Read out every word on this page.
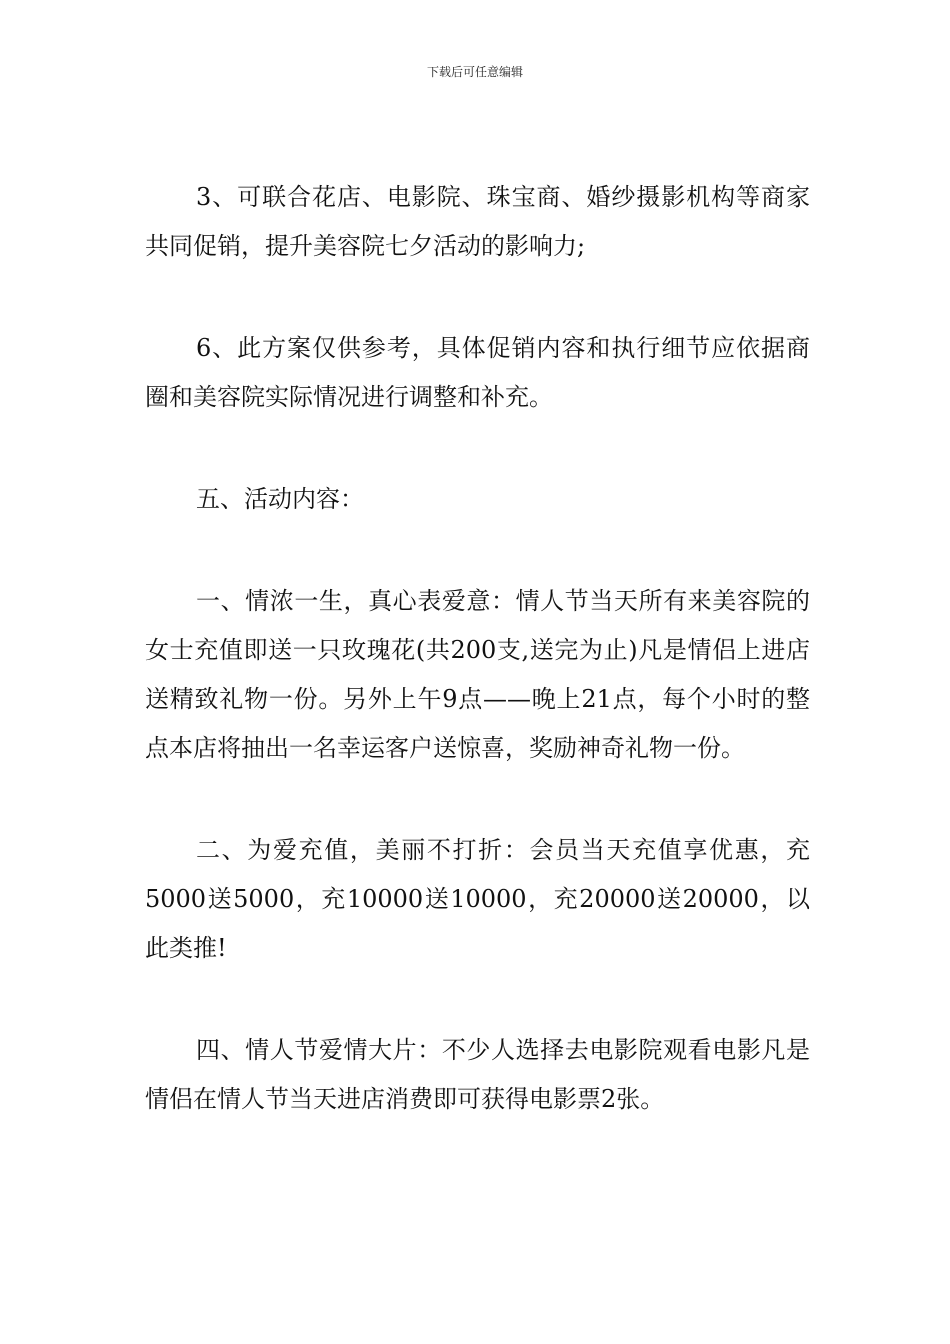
下载后可任意编辑

3、可联合花店、电影院、珠宝商、婚纱摄影机构等商家共同促销，提升美容院七夕活动的影响力;

6、此方案仅供参考，具体促销内容和执行细节应依据商圈和美容院实际情况进行调整和补充。

五、活动内容：

一、情浓一生，真心表爱意：情人节当天所有来美容院的女士充值即送一只玫瑰花(共200支,送完为止)凡是情侣上进店送精致礼物一份。另外上午9点——晚上21点，每个小时的整点本店将抽出一名幸运客户送惊喜，奖励神奇礼物一份。

二、为爱充值，美丽不打折：会员当天充值享优惠，充5000送5000，充10000送10000，充20000送20000，以此类推!

四、情人节爱情大片：不少人选择去电影院观看电影凡是情侣在情人节当天进店消费即可获得电影票2张。
